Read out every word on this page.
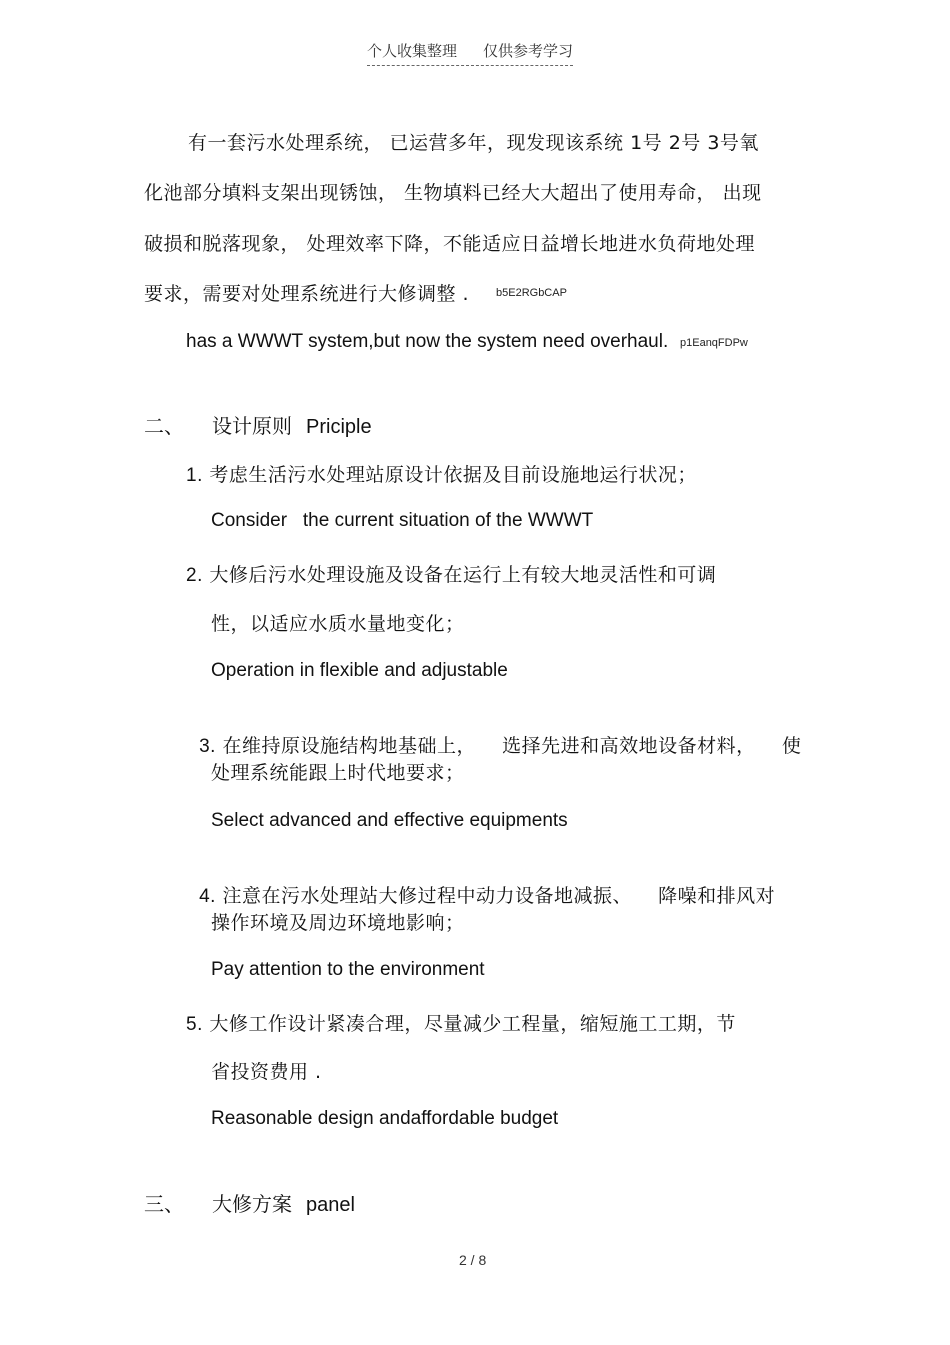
个人收集整理 仅供参考学习
有一套污水处理系统， 已运营多年，现发现该系统 1号 2号 3号氧
化池部分填料支架出现锈蚀， 生物填料已经大大超出了使用寿命， 出现
破损和脱落现象， 处理效率下降，不能适应日益增长地进水负荷地处理
要求，需要对处理系统进行大修调整 . b5E2RGbCAP
has a WWWT system,but now the system need overhaul. p1EanqFDPw
二、 设计原则 Priciple
1. 考虑生活污水处理站原设计依据及目前设施地运行状况；
Consider   the current situation of the WWWT
2. 大修后污水处理设施及设备在运行上有较大地灵活性和可调
性，以适应水质水量地变化；
Operation in flexible and adjustable

3. 在维持原设施结构地基础上，    选择先进和高效地设备材料，    使

处理系统能跟上时代地要求；
Select advanced and effective equipments

4. 注意在污水处理站大修过程中动力设备地减振、    降噪和排风对

操作环境及周边环境地影响；
Pay attention to the environment
5. 大修工作设计紧凑合理，尽量减少工程量，缩短施工工期，节
省投资费用 .
Reasonable design andaffordable budget
三、 大修方案 panel
2 / 8
